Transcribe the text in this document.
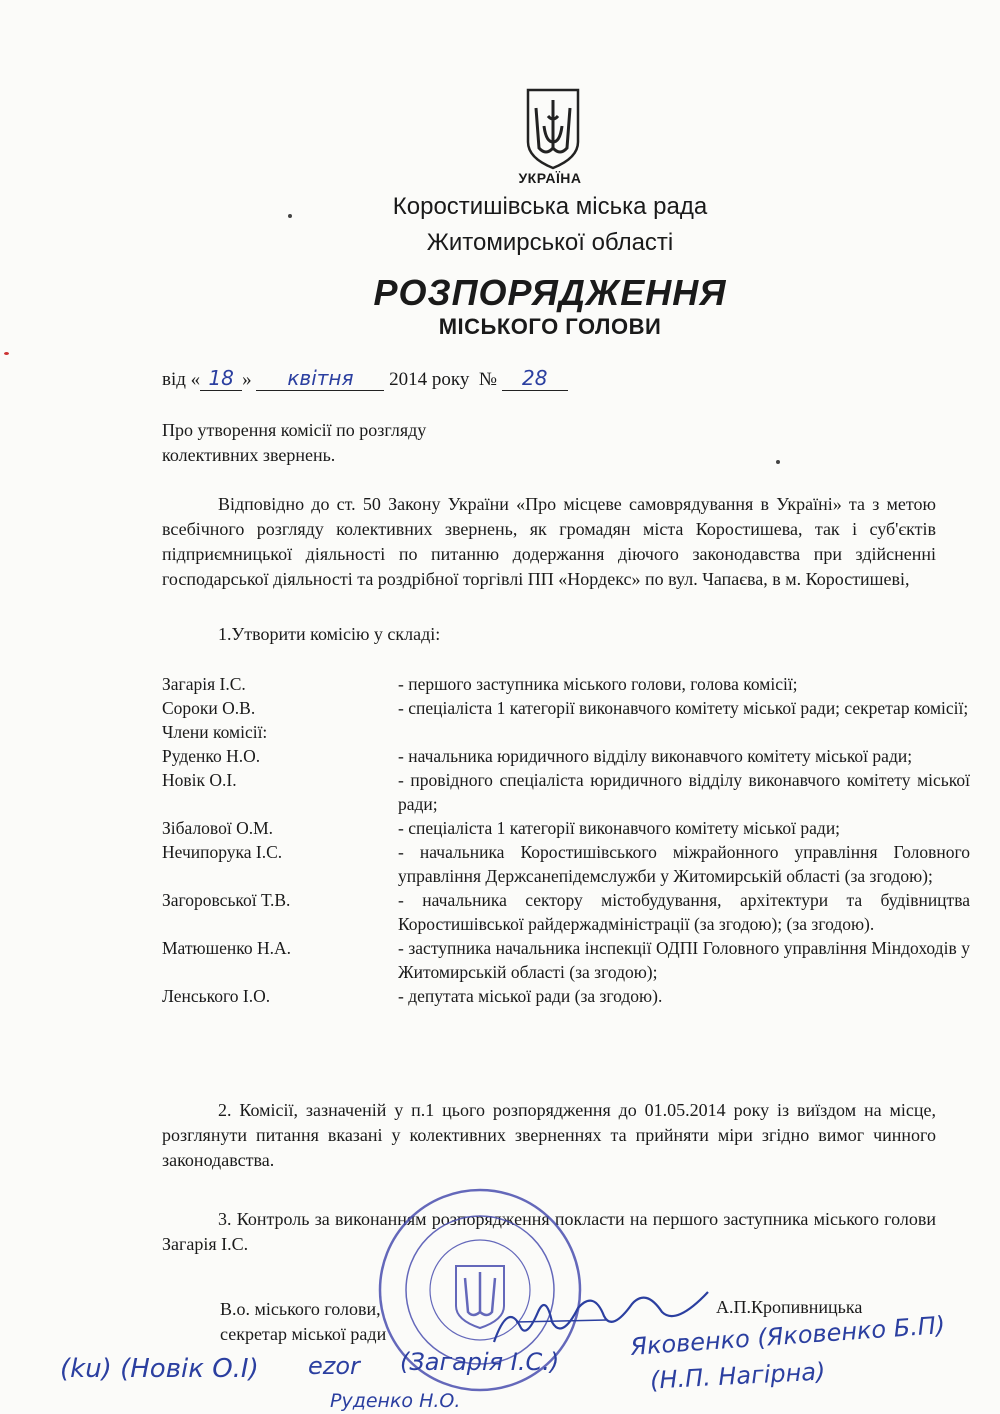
УКРАЇНА
Коростишівська міська рада
Житомирської області
РОЗПОРЯДЖЕННЯ
МІСЬКОГО ГОЛОВИ
від « 18 » квітня 2014 року № 28
Про утворення комісії по розгляду
колективних звернень.
Відповідно до ст. 50 Закону України «Про місцеве самоврядування в Україні» та з метою всебічного розгляду колективних звернень, як громадян міста Коростишева, так і суб'єктів підприємницької діяльності по питанню додержання діючого законодавства при здійсненні господарської діяльності та роздрібної торгівлі ПП «Нордекс» по вул. Чапаєва, в м. Коростишеві,
1.Утворити комісію у складі:
Загарія І.С.	- першого заступника міського голови, голова комісії;
Сороки О.В.	- спеціаліста 1 категорії виконавчого комітету міської ради; секретар комісії;
Члени комісії:
Руденко Н.О.	- начальника юридичного відділу виконавчого комітету міської ради;
Новік О.І.	- провідного спеціаліста юридичного відділу виконавчого комітету міської ради;
Зібалової О.М.	- спеціаліста 1 категорії виконавчого комітету міської ради;
Нечипорука І.С.	- начальника Коростишівського міжрайонного управління Головного управління Держсанепідемслужби у Житомирській області (за згодою);
Загоровської Т.В.	- начальника сектору містобудування, архітектури та будівництва Коростишівської райдержадміністрації (за згодою); (за згодою).
Матюшенко Н.А.	- заступника начальника інспекції ОДПІ Головного управління Міндоходів у Житомирській області (за згодою);
Ленського І.О.	- депутата міської ради (за згодою).
2. Комісії, зазначеній у п.1 цього розпорядження до 01.05.2014 року із виїздом на місце, розглянути питання вказані у колективних зверненнях та прийняти міри згідно вимог чинного законодавства.
3. Контроль за виконанням розпорядження покласти на першого заступника міського голови Загарія І.С.
В.о. міського голови,
секретар міської ради
А.П.Кропивницька
(ku) (Новік О.І) ezor (Загарія І.С.)
Руденко Н.О.
Яковенко (Яковенко Б.П)
(Н.П. Нагірна)
